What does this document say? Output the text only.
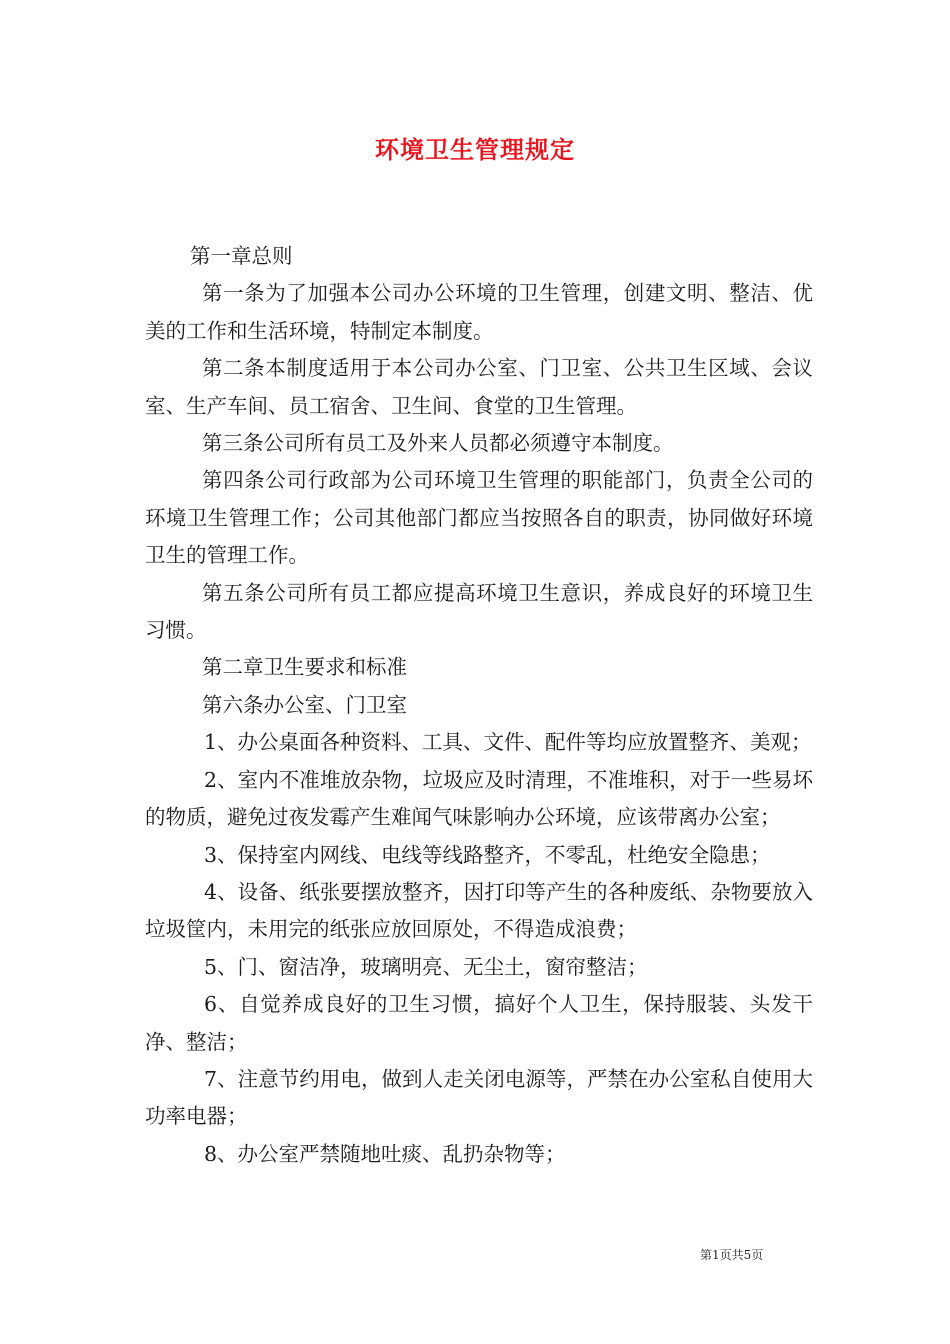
环境卫生管理规定

第一章总则

第一条为了加强本公司办公环境的卫生管理，创建文明、整洁、优美的工作和生活环境，特制定本制度。

第二条本制度适用于本公司办公室、门卫室、公共卫生区域、会议室、生产车间、员工宿舍、卫生间、食堂的卫生管理。

第三条公司所有员工及外来人员都必须遵守本制度。

第四条公司行政部为公司环境卫生管理的职能部门，负责全公司的环境卫生管理工作；公司其他部门都应当按照各自的职责，协同做好环境卫生的管理工作。

第五条公司所有员工都应提高环境卫生意识，养成良好的环境卫生习惯。

第二章卫生要求和标准

第六条办公室、门卫室

1、办公桌面各种资料、工具、文件、配件等均应放置整齐、美观；

2、室内不准堆放杂物，垃圾应及时清理，不准堆积，对于一些易坏的物质，避免过夜发霉产生难闻气味影响办公环境，应该带离办公室；

3、保持室内网线、电线等线路整齐，不零乱，杜绝安全隐患；

4、设备、纸张要摆放整齐，因打印等产生的各种废纸、杂物要放入垃圾筐内，未用完的纸张应放回原处，不得造成浪费；

5、门、窗洁净，玻璃明亮、无尘土，窗帘整洁；

6、自觉养成良好的卫生习惯，搞好个人卫生，保持服装、头发干净、整洁；

7、注意节约用电，做到人走关闭电源等，严禁在办公室私自使用大功率电器；

8、办公室严禁随地吐痰、乱扔杂物等；

第1页共5页
